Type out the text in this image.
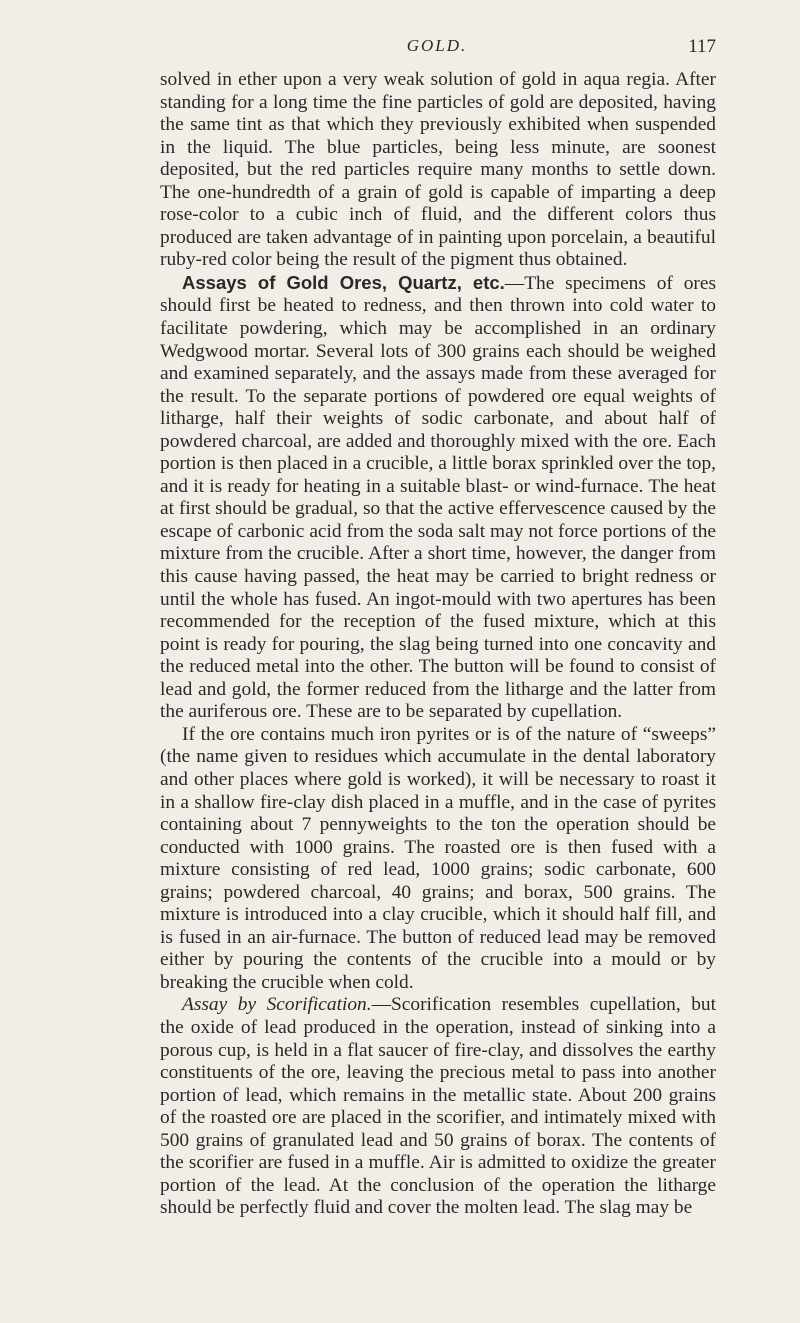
GOLD.	117

solved in ether upon a very weak solution of gold in aqua regia. After standing for a long time the fine particles of gold are deposited, having the same tint as that which they previously exhibited when suspended in the liquid. The blue particles, being less minute, are soonest deposited, but the red particles require many months to settle down. The one-hundredth of a grain of gold is capable of imparting a deep rose-color to a cubic inch of fluid, and the different colors thus produced are taken advantage of in painting upon porcelain, a beautiful ruby-red color being the result of the pigment thus obtained.

Assays of Gold Ores, Quartz, etc.—The specimens of ores should first be heated to redness, and then thrown into cold water to facilitate powdering, which may be accomplished in an ordinary Wedgwood mortar. Several lots of 300 grains each should be weighed and examined separately, and the assays made from these averaged for the result. To the separate portions of powdered ore equal weights of litharge, half their weights of sodic carbonate, and about half of powdered charcoal, are added and thoroughly mixed with the ore. Each portion is then placed in a crucible, a little borax sprinkled over the top, and it is ready for heating in a suitable blast- or wind-furnace. The heat at first should be gradual, so that the active effervescence caused by the escape of carbonic acid from the soda salt may not force portions of the mixture from the crucible. After a short time, however, the danger from this cause having passed, the heat may be carried to bright redness or until the whole has fused. An ingot-mould with two apertures has been recommended for the reception of the fused mixture, which at this point is ready for pouring, the slag being turned into one concavity and the reduced metal into the other. The button will be found to consist of lead and gold, the former reduced from the litharge and the latter from the auriferous ore. These are to be separated by cupellation.

If the ore contains much iron pyrites or is of the nature of “sweeps” (the name given to residues which accumulate in the dental laboratory and other places where gold is worked), it will be necessary to roast it in a shallow fire-clay dish placed in a muffle, and in the case of pyrites containing about 7 pennyweights to the ton the operation should be conducted with 1000 grains. The roasted ore is then fused with a mixture consisting of red lead, 1000 grains; sodic carbonate, 600 grains; powdered charcoal, 40 grains; and borax, 500 grains. The mixture is introduced into a clay crucible, which it should half fill, and is fused in an air-furnace. The button of reduced lead may be removed either by pouring the contents of the crucible into a mould or by breaking the crucible when cold.

Assay by Scorification.—Scorification resembles cupellation, but the oxide of lead produced in the operation, instead of sinking into a porous cup, is held in a flat saucer of fire-clay, and dissolves the earthy constituents of the ore, leaving the precious metal to pass into another portion of lead, which remains in the metallic state. About 200 grains of the roasted ore are placed in the scorifier, and intimately mixed with 500 grains of granulated lead and 50 grains of borax. The contents of the scorifier are fused in a muffle. Air is admitted to oxidize the greater portion of the lead. At the conclusion of the operation the litharge should be perfectly fluid and cover the molten lead. The slag may be
